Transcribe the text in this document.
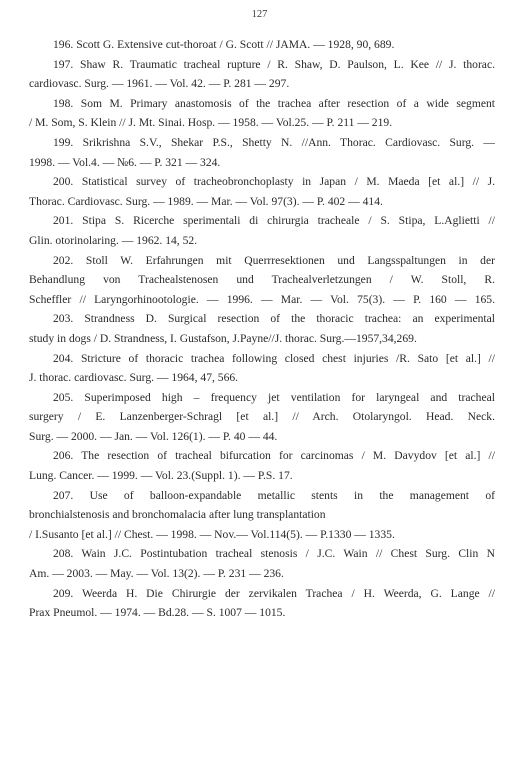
127
196. Scott G. Extensive cut-thoroat / G. Scott // JAMA. — 1928, 90, 689.
197. Shaw R. Traumatic tracheal rupture / R. Shaw, D. Paulson, L. Kee // J. thorac.
cardiovasc. Surg. — 1961. — Vol. 42. — P. 281 — 297.
198. Som M. Primary anastomosis of the trachea after resection of a wide segment
/ M. Som, S. Klein // J. Mt. Sinai. Hosp. — 1958. — Vol.25. — P. 211 — 219.
199. Srikrishna S.V., Shekar P.S., Shetty N. //Ann. Thorac. Cardiovasc. Surg. —
1998. — Vol.4. — №6. — P. 321 — 324.
200. Statistical survey of tracheobronchoplasty in Japan / M. Maeda [et al.] // J.
Thorac. Cardiovasc. Surg. — 1989. — Mar. — Vol. 97(3). — P. 402 — 414.
201. Stipa S. Ricerche sperimentali di chirurgia tracheale / S. Stipa, L.Aglietti //
Glin. otorinolaring. — 1962. 14, 52.
202. Stoll W. Erfahrungen mit Querrresektionen und Langsspaltungen in der
Behandlung von Trachealstenosen und Trachealverletzungen / W. Stoll, R.
Scheffler // Laryngorhinootologie. — 1996. — Mar. — Vol. 75(3). — P. 160 — 165.
203. Strandness D. Surgical resection of the thoracic trachea: an experimental
study in dogs / D. Strandness, I. Gustafson, J.Payne//J. thorac. Surg.—1957,34,269.
204. Stricture of thoracic trachea following closed chest injuries /R. Sato [et al.] //
J. thorac. cardiovasc. Surg. — 1964, 47, 566.
205. Superimposed high – frequency jet ventilation for laryngeal and tracheal
surgery / E. Lanzenberger-Schragl [et al.] // Arch. Otolaryngol. Head. Neck.
Surg. — 2000. — Jan. — Vol. 126(1). — P. 40 — 44.
206. The resection of tracheal bifurcation for carcinomas / M. Davydov [et al.] //
Lung. Cancer. — 1999. — Vol. 23.(Suppl. 1). — P.S. 17.
207. Use of balloon-expandable metallic stents in the management of
bronchialstenosis and bronchomalacia after lung transplantation
/ I.Susanto [et al.] // Chest. — 1998. — Nov.— Vol.114(5). — P.1330 — 1335.
208. Wain J.C. Postintubation tracheal stenosis / J.C. Wain // Chest Surg. Clin N
Am. — 2003. — May. — Vol. 13(2). — P. 231 — 236.
209. Weerda H. Die Chirurgie der zervikalen Trachea / H. Weerda, G. Lange //
Prax Pneumol. — 1974. — Bd.28. — S. 1007 — 1015.
